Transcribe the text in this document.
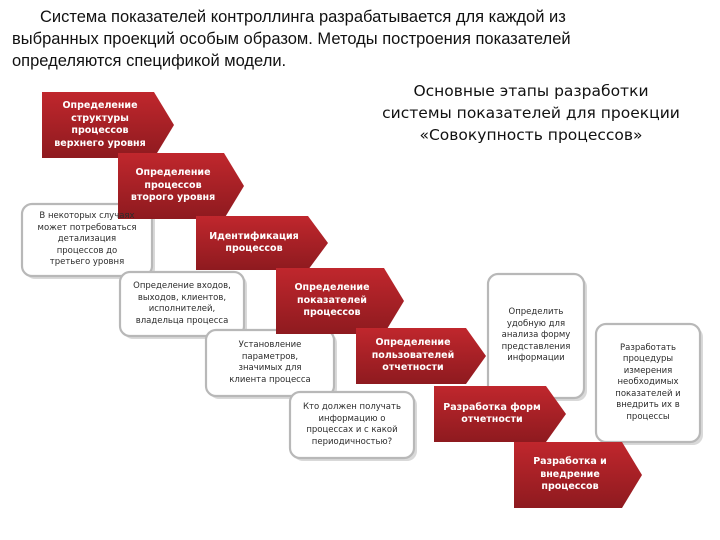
Система показателей контроллинга разрабатывается для каждой из
выбранных проекций особым образом. Методы построения показателей
определяются спецификой модели.
Основные этапы разработки
системы показателей для проекции
«Совокупность процессов»
В некоторых случаях
может потребоваться
детализация
процессов до
третьего уровня
Определение входов,
выходов, клиентов,
исполнителей,
владельца процесса
Установление
параметров,
значимых для
клиента процесса
Кто должен получать
информацию о
процессах и с какой
периодичностью?
Определить
удобную для
анализа форму
представления
информации
Разработать
процедуры
измерения
необходимых
показателей и
внедрить их в
процессы
Определение
структуры
процессов
верхнего уровня
Определение
процессов
второго уровня
Идентификация
процессов
Определение
показателей
процессов
Определение
пользователей
отчетности
Разработка форм
отчетности
Разработка и
внедрение
процессов
